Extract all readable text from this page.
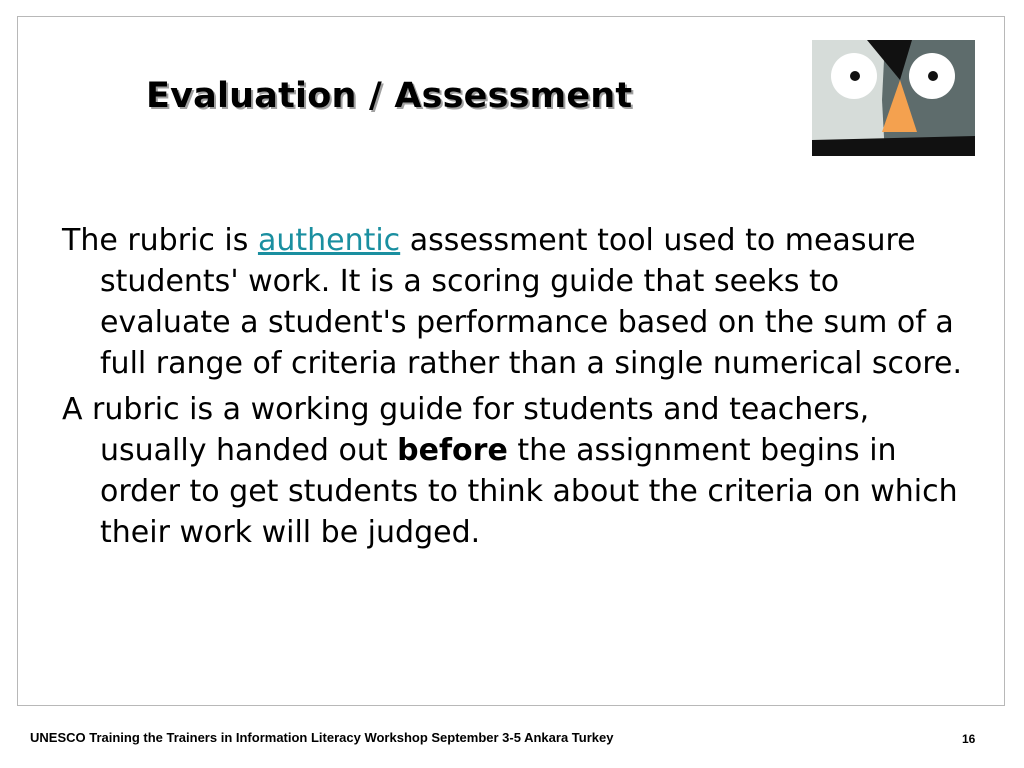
Evaluation / Assessment

The rubric is authentic assessment tool used to measure students' work. It is a scoring guide that seeks to evaluate a student's performance based on the sum of a full range of criteria rather than a single numerical score.

A rubric is a working guide for students and teachers, usually handed out before the assignment begins in order to get students to think about the criteria on which their work will be judged.

UNESCO Training the Trainers in Information Literacy Workshop September 3-5 Ankara Turkey	16
